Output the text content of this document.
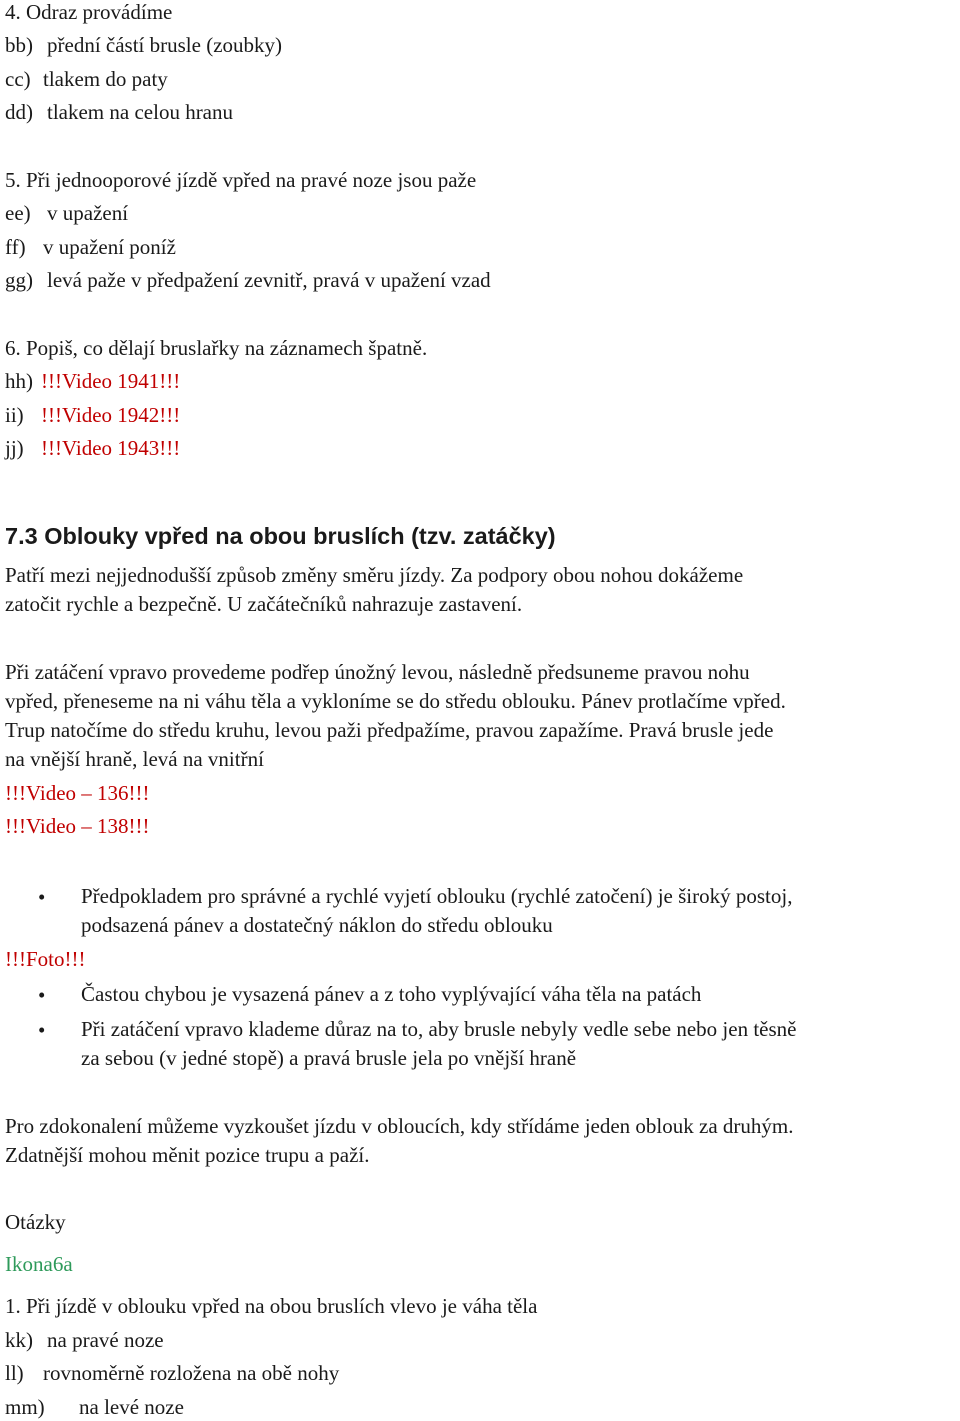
4. Odraz provádíme
bb) přední částí brusle (zoubky)
cc) tlakem do paty
dd) tlakem na celou hranu
5. Při jednooporové jízdě vpřed na pravé noze jsou paže
ee) v upažení
ff) v upažení poníž
gg) levá paže v předpažení zevnitř, pravá v upažení vzad
6. Popiš, co dělají bruslařky na záznamech špatně.
hh) !!!Video 1941!!!
ii) !!!Video 1942!!!
jj) !!!Video 1943!!!
7.3 Oblouky vpřed na obou bruslích (tzv. zatáčky)
Patří mezi nejjednodušší způsob změny směru jízdy. Za podpory obou nohou dokážeme
zatočit rychle a bezpečně. U začátečníků nahrazuje zastavení.
Při zatáčení vpravo provedeme podřep únožný levou, následně předsuneme pravou nohu
vpřed, přeneseme na ni váhu těla a vykloníme se do středu oblouku. Pánev protlačíme vpřed.
Trup natočíme do středu kruhu, levou paži předpažíme, pravou zapažíme. Pravá brusle jede
na vnější hraně, levá na vnitřní
!!!Video – 136!!!
!!!Video – 138!!!
• Předpokladem pro správné a rychlé vyjetí oblouku (rychlé zatočení) je široký postoj,
podsazená pánev a dostatečný náklon do středu oblouku
!!!Foto!!!
• Častou chybou je vysazená pánev a z toho vyplývající váha těla na patách
• Při zatáčení vpravo klademe důraz na to, aby brusle nebyly vedle sebe nebo jen těsně
za sebou (v jedné stopě) a pravá brusle jela po vnější hraně
Pro zdokonalení můžeme vyzkoušet jízdu v obloucích, kdy střídáme jeden oblouk za druhým.
Zdatnější mohou měnit pozice trupu a paží.
Otázky
Ikona6a
1. Při jízdě v oblouku vpřed na obou bruslích vlevo je váha těla
kk) na pravé noze
ll) rovnoměrně rozložena na obě nohy
mm) na levé noze
